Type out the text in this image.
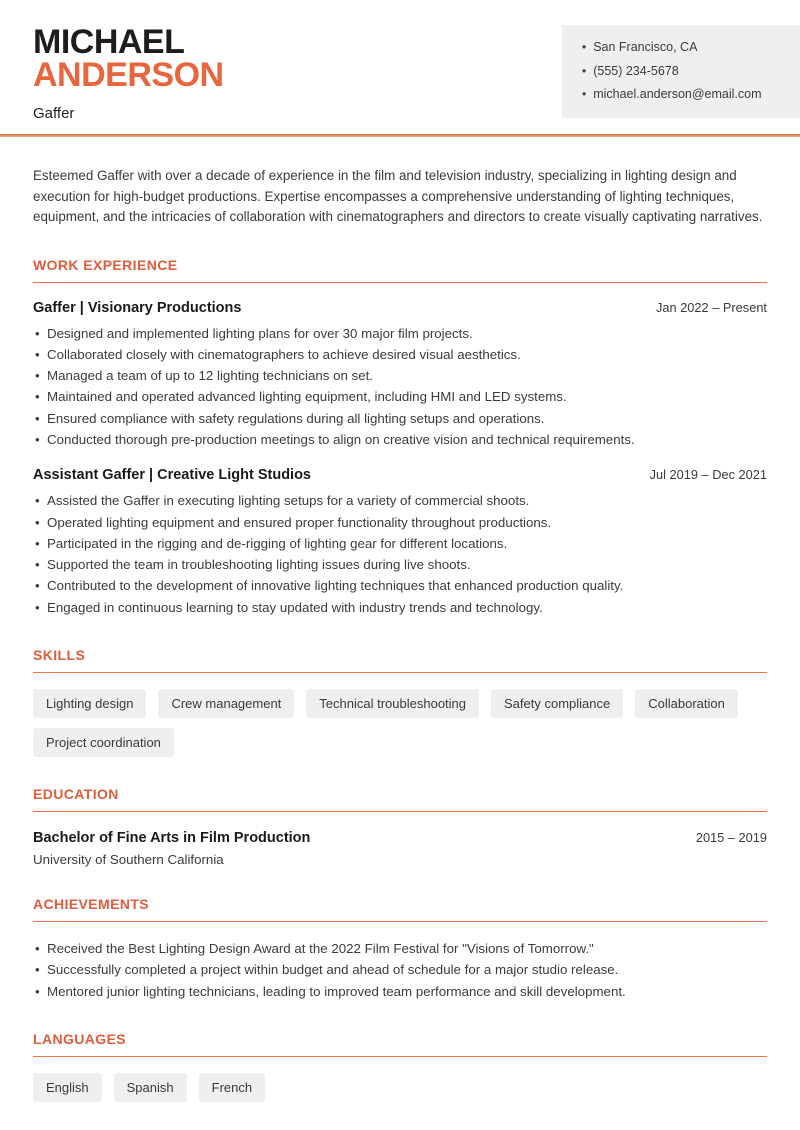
MICHAEL
ANDERSON
Gaffer
• San Francisco, CA
• (555) 234-5678
• michael.anderson@email.com

Esteemed Gaffer with over a decade of experience in the film and television industry, specializing in lighting design and execution for high-budget productions. Expertise encompasses a comprehensive understanding of lighting techniques, equipment, and the intricacies of collaboration with cinematographers and directors to create visually captivating narratives.

WORK EXPERIENCE
Gaffer | Visionary Productions	Jan 2022 – Present
• Designed and implemented lighting plans for over 30 major film projects.
• Collaborated closely with cinematographers to achieve desired visual aesthetics.
• Managed a team of up to 12 lighting technicians on set.
• Maintained and operated advanced lighting equipment, including HMI and LED systems.
• Ensured compliance with safety regulations during all lighting setups and operations.
• Conducted thorough pre-production meetings to align on creative vision and technical requirements.
Assistant Gaffer | Creative Light Studios	Jul 2019 – Dec 2021
• Assisted the Gaffer in executing lighting setups for a variety of commercial shoots.
• Operated lighting equipment and ensured proper functionality throughout productions.
• Participated in the rigging and de-rigging of lighting gear for different locations.
• Supported the team in troubleshooting lighting issues during live shoots.
• Contributed to the development of innovative lighting techniques that enhanced production quality.
• Engaged in continuous learning to stay updated with industry trends and technology.
SKILLS
Lighting design	Crew management	Technical troubleshooting	Safety compliance	Collaboration
Project coordination
EDUCATION
Bachelor of Fine Arts in Film Production	2015 – 2019
University of Southern California
ACHIEVEMENTS
• Received the Best Lighting Design Award at the 2022 Film Festival for "Visions of Tomorrow."
• Successfully completed a project within budget and ahead of schedule for a major studio release.
• Mentored junior lighting technicians, leading to improved team performance and skill development.
LANGUAGES
English	Spanish	French
